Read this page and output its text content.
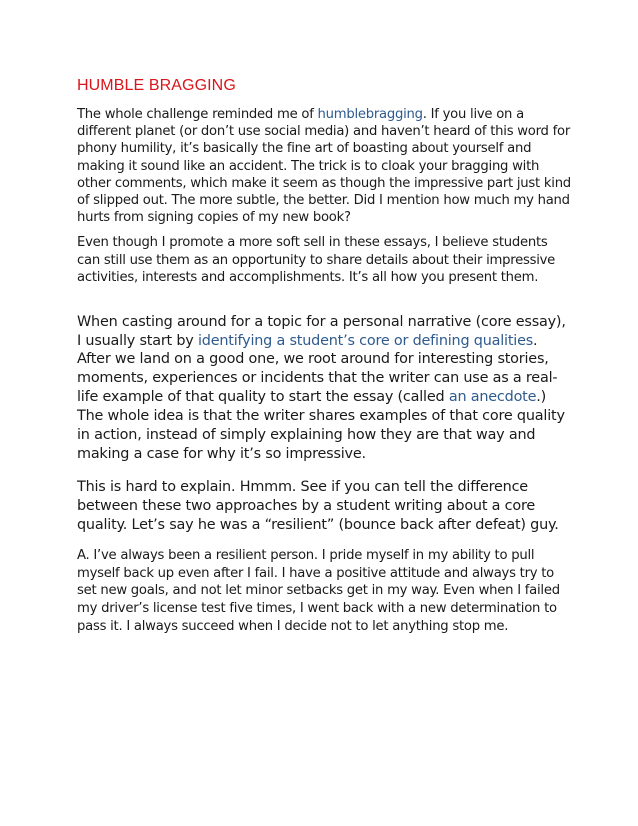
HUMBLE BRAGGING

The whole challenge reminded me of humblebragging. If you live on a different planet (or don’t use social media) and haven’t heard of this word for phony humility, it’s basically the fine art of boasting about yourself and making it sound like an accident. The trick is to cloak your bragging with other comments, which make it seem as though the impressive part just kind of slipped out. The more subtle, the better. Did I mention how much my hand hurts from signing copies of my new book?

Even though I promote a more soft sell in these essays, I believe students can still use them as an opportunity to share details about their impressive activities, interests and accomplishments. It’s all how you present them.

When casting around for a topic for a personal narrative (core essay), I usually start by identifying a student’s core or defining qualities. After we land on a good one, we root around for interesting stories, moments, experiences or incidents that the writer can use as a real-life example of that quality to start the essay (called an anecdote.) The whole idea is that the writer shares examples of that core quality in action, instead of simply explaining how they are that way and making a case for why it’s so impressive.

This is hard to explain. Hmmm. See if you can tell the difference between these two approaches by a student writing about a core quality. Let’s say he was a “resilient” (bounce back after defeat) guy.

A. I’ve always been a resilient person. I pride myself in my ability to pull myself back up even after I fail. I have a positive attitude and always try to set new goals, and not let minor setbacks get in my way. Even when I failed my driver’s license test five times, I went back with a new determination to pass it. I always succeed when I decide not to let anything stop me.
